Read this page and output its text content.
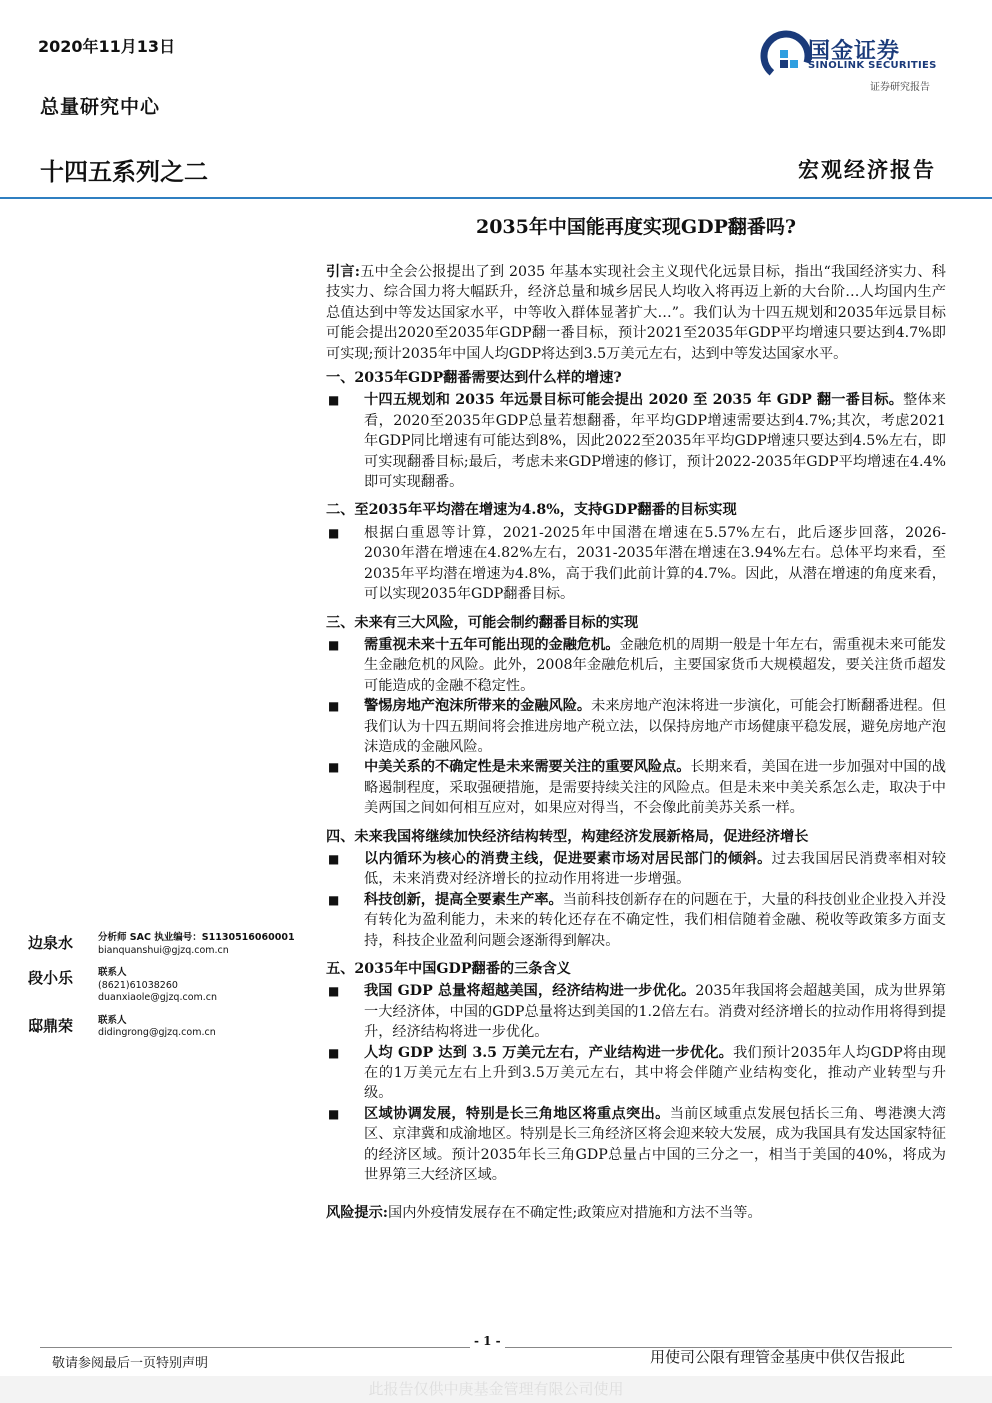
2020年11月13日
总量研究中心
十四五系列之二	宏观经济报告
国金证券
SINOLINK SECURITIES
证券研究报告
2035年中国能再度实现GDP翻番吗?

引言:五中全会公报提出了到 2035 年基本实现社会主义现代化远景目标，指出“我国经济实力、科技实力、综合国力将大幅跃升，经济总量和城乡居民人均收入将再迈上新的大台阶…人均国内生产总值达到中等发达国家水平，中等收入群体显著扩大…”。我们认为十四五规划和2035年远景目标可能会提出2020至2035年GDP翻一番目标，预计2021至2035年GDP平均增速只要达到4.7%即可实现;预计2035年中国人均GDP将达到3.5万美元左右，达到中等发达国家水平。

一、2035年GDP翻番需要达到什么样的增速?
■	十四五规划和 2035 年远景目标可能会提出 2020 至 2035 年 GDP 翻一番目标。整体来看，2020至2035年GDP总量若想翻番，年平均GDP增速需要达到4.7%;其次，考虑2021年GDP同比增速有可能达到8%，因此2022至2035年平均GDP增速只要达到4.5%左右，即可实现翻番目标;最后，考虑未来GDP增速的修订，预计2022-2035年GDP平均增速在4.4%即可实现翻番。
二、至2035年平均潜在增速为4.8%，支持GDP翻番的目标实现
■	根据白重恩等计算，2021-2025年中国潜在增速在5.57%左右，此后逐步回落，2026-2030年潜在增速在4.82%左右，2031-2035年潜在增速在3.94%左右。总体平均来看，至2035年平均潜在增速为4.8%，高于我们此前计算的4.7%。因此，从潜在增速的角度来看，可以实现2035年GDP翻番目标。
三、未来有三大风险，可能会制约翻番目标的实现
■	需重视未来十五年可能出现的金融危机。金融危机的周期一般是十年左右，需重视未来可能发生金融危机的风险。此外，2008年金融危机后，主要国家货币大规模超发，要关注货币超发可能造成的金融不稳定性。
■	警惕房地产泡沫所带来的金融风险。未来房地产泡沫将进一步演化，可能会打断翻番进程。但我们认为十四五期间将会推进房地产税立法，以保持房地产市场健康平稳发展，避免房地产泡沫造成的金融风险。
■	中美关系的不确定性是未来需要关注的重要风险点。长期来看，美国在进一步加强对中国的战略遏制程度，采取强硬措施，是需要持续关注的风险点。但是未来中美关系怎么走，取决于中美两国之间如何相互应对，如果应对得当，不会像此前美苏关系一样。
四、未来我国将继续加快经济结构转型，构建经济发展新格局，促进经济增长
■	以内循环为核心的消费主线，促进要素市场对居民部门的倾斜。过去我国居民消费率相对较低，未来消费对经济增长的拉动作用将进一步增强。
■	科技创新，提高全要素生产率。当前科技创新存在的问题在于，大量的科技创业企业投入并没有转化为盈利能力，未来的转化还存在不确定性，我们相信随着金融、税收等政策多方面支持，科技企业盈利问题会逐渐得到解决。
五、2035年中国GDP翻番的三条含义
■	我国 GDP 总量将超越美国，经济结构进一步优化。2035年我国将会超越美国，成为世界第一大经济体，中国的GDP总量将达到美国的1.2倍左右。消费对经济增长的拉动作用将得到提升，经济结构将进一步优化。
■	人均 GDP 达到 3.5 万美元左右，产业结构进一步优化。我们预计2035年人均GDP将由现在的1万美元左右上升到3.5万美元左右，其中将会伴随产业结构变化，推动产业转型与升级。
■	区域协调发展，特别是长三角地区将重点突出。当前区域重点发展包括长三角、粤港澳大湾区、京津冀和成渝地区。特别是长三角经济区将会迎来较大发展，成为我国具有发达国家特征的经济区域。预计2035年长三角GDP总量占中国的三分之一，相当于美国的40%，将成为世界第三大经济区域。

风险提示:国内外疫情发展存在不确定性;政策应对措施和方法不当等。

边泉水	分析师 SAC 执业编号：S1130516060001
bianquanshui@gjzq.com.cn
段小乐	联系人
(8621)61038260
duanxiaole@gjzq.com.cn
邸鼎荣	联系人
didingrong@gjzq.com.cn
- 1 -
敬请参阅最后一页特别声明	用使司公限有理管金基庚中供仅告报此
此报告仅供中庚基金管理有限公司使用
